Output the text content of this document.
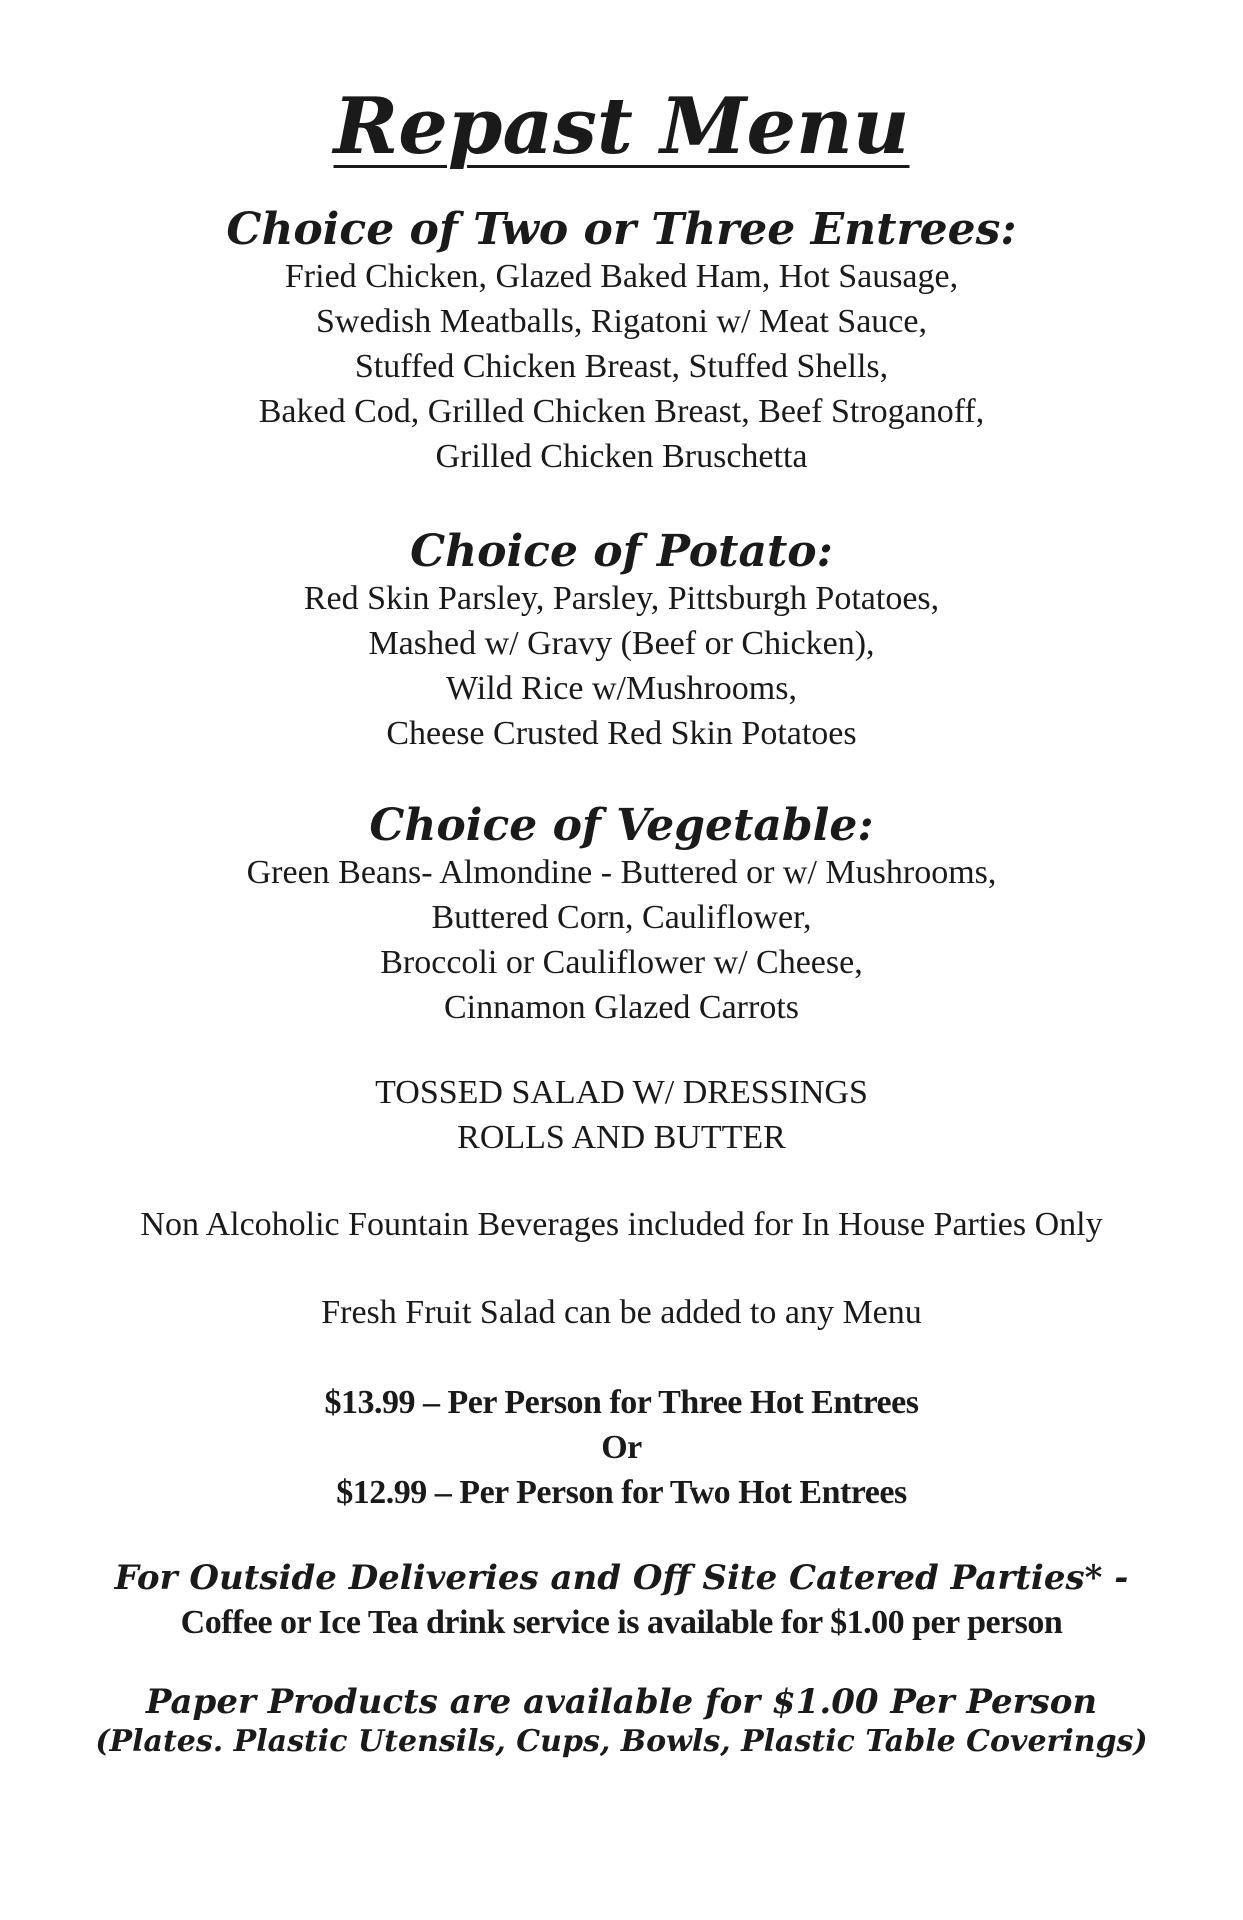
Repast Menu
Choice of Two or Three Entrees:
Fried Chicken, Glazed Baked Ham, Hot Sausage,
Swedish Meatballs, Rigatoni w/ Meat Sauce,
Stuffed Chicken Breast, Stuffed Shells,
Baked Cod, Grilled Chicken Breast, Beef Stroganoff,
Grilled Chicken Bruschetta
Choice of Potato:
Red Skin Parsley, Parsley, Pittsburgh Potatoes,
Mashed w/ Gravy (Beef or Chicken),
Wild Rice w/Mushrooms,
Cheese Crusted Red Skin Potatoes
Choice of Vegetable:
Green Beans- Almondine - Buttered or w/ Mushrooms,
Buttered Corn, Cauliflower,
Broccoli or Cauliflower w/ Cheese,
Cinnamon Glazed Carrots
TOSSED SALAD W/ DRESSINGS
ROLLS AND BUTTER

Non Alcoholic Fountain Beverages included for In House Parties Only

Fresh Fruit Salad can be added to any Menu

$13.99 – Per Person for Three Hot Entrees
Or
$12.99 – Per Person for Two Hot Entrees
For Outside Deliveries and Off Site Catered Parties* -

Coffee or Ice Tea drink service is available for $1.00 per person

Paper Products are available for $1.00 Per Person

(Plates. Plastic Utensils, Cups, Bowls, Plastic Table Coverings)
